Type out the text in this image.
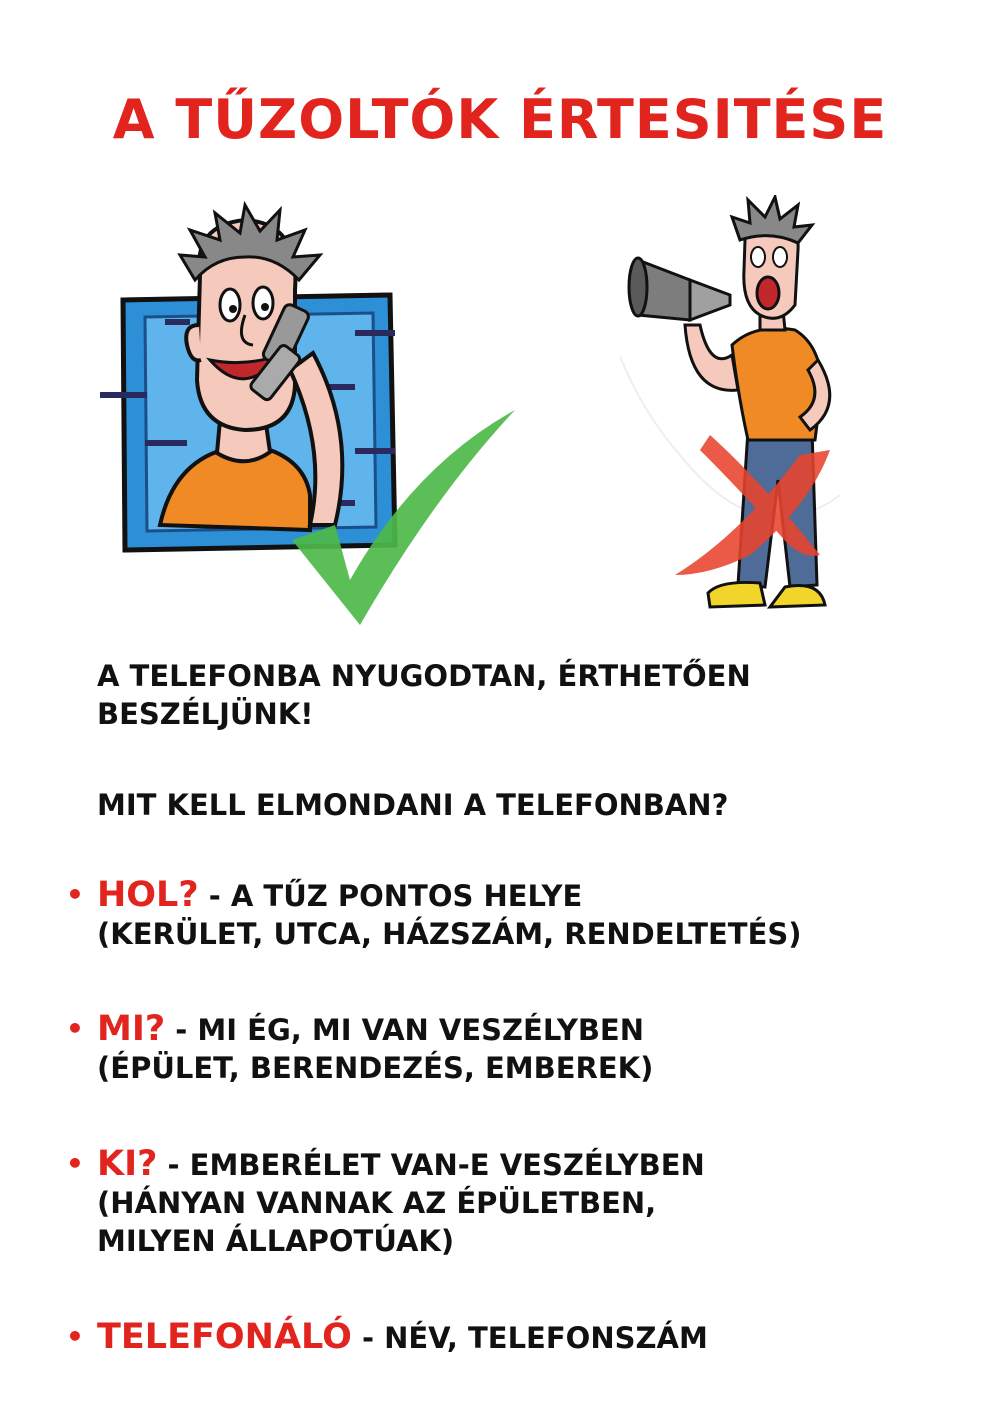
A TŰZOLTÓK ÉRTESITÉSE
A TELEFONBA NYUGODTAN, ÉRTHETŐEN
BESZÉLJÜNK!
MIT KELL ELMONDANI A TELEFONBAN?
• HOL? - A TŰZ PONTOS HELYE
(KERÜLET, UTCA, HÁZSZÁM, RENDELTETÉS)
• MI? - MI ÉG, MI VAN VESZÉLYBEN
(ÉPÜLET, BERENDEZÉS, EMBEREK)
• KI? - EMBERÉLET VAN-E VESZÉLYBEN
(HÁNYAN VANNAK AZ ÉPÜLETBEN,
MILYEN ÁLLAPOTÚAK)
• TELEFONÁLÓ - NÉV, TELEFONSZÁM
